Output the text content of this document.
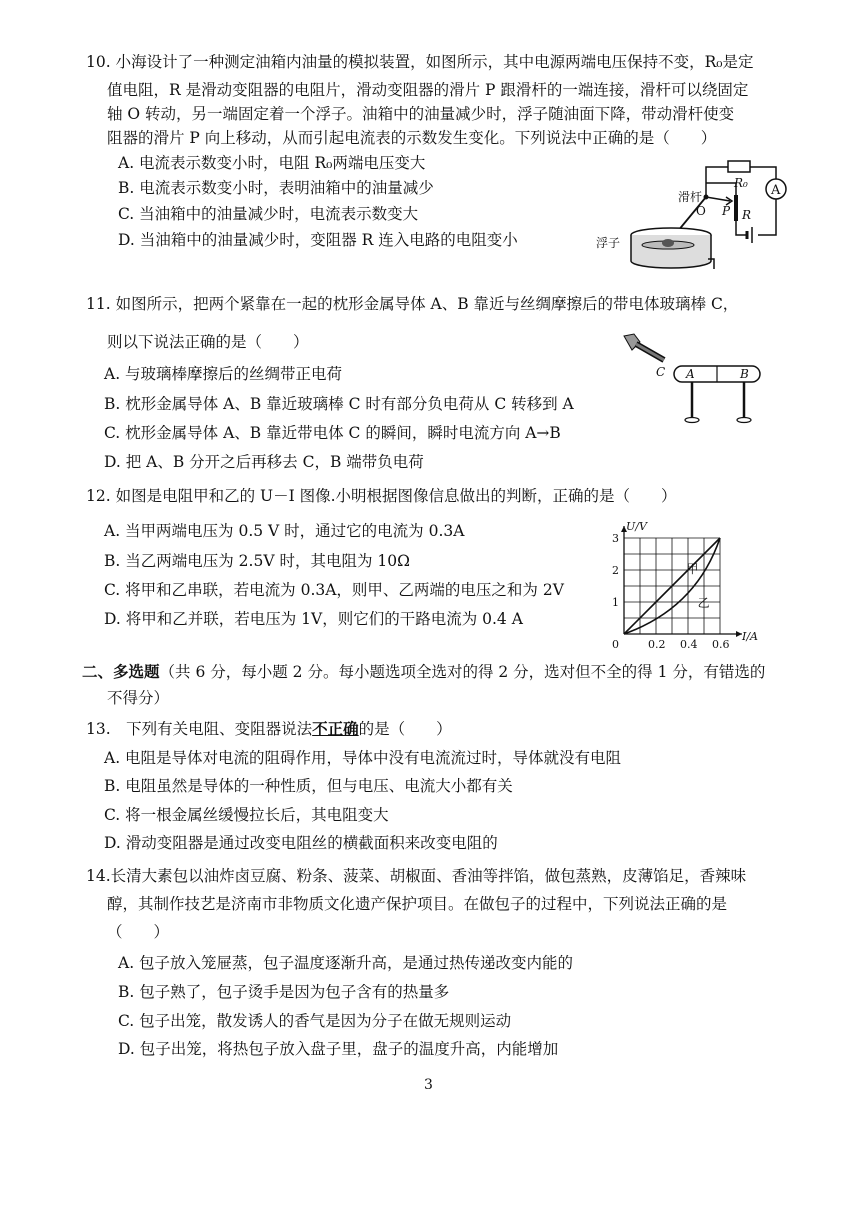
10. 小海设计了一种测定油箱内油量的模拟装置，如图所示，其中电源两端电压保持不变，R₀是定
值电阻，R 是滑动变阻器的电阻片，滑动变阻器的滑片 P 跟滑杆的一端连接，滑杆可以绕固定
轴 O 转动，另一端固定着一个浮子。油箱中的油量减少时，浮子随油面下降，带动滑杆使变
阻器的滑片 P 向上移动，从而引起电流表的示数发生变化。下列说法中正确的是（　　）
A. 电流表示数变小时，电阻 R₀两端电压变大
B. 电流表示数变小时，表明油箱中的油量减少
C. 当油箱中的油量减少时，电流表示数变大
D. 当油箱中的油量减少时，变阻器 R 连入电路的电阻变小
A
R₀
滑杆
O P R
浮子
11. 如图所示，把两个紧靠在一起的枕形金属导体 A、B 靠近与丝绸摩擦后的带电体玻璃棒 C，
则以下说法正确的是（　　）
A. 与玻璃棒摩擦后的丝绸带正电荷
B. 枕形金属导体 A、B 靠近玻璃棒 C 时有部分负电荷从 C 转移到 A
C. 枕形金属导体 A、B 靠近带电体 C 的瞬间，瞬时电流方向 A→B
D. 把 A、B 分开之后再移去 C，B 端带负电荷
C A	B
12. 如图是电阻甲和乙的 U－I 图像.小明根据图像信息做出的判断，正确的是（　　）
A. 当甲两端电压为 0.5 V 时，通过它的电流为 0.3A
B. 当乙两端电压为 2.5V 时，其电阻为 10Ω
C. 将甲和乙串联，若电流为 0.3A，则甲、乙两端的电压之和为 2V
D. 将甲和乙并联，若电压为 1V，则它们的干路电流为 0.4 A
0	0.2 0.4 0.6
1
2
3
I/A
U/V
甲
乙
二、多选题（共 6 分，每小题 2 分。每小题选项全选对的得 2 分，选对但不全的得 1 分，有错选的
不得分）
13.　下列有关电阻、变阻器说法不正确的是（　　）
A. 电阻是导体对电流的阻碍作用，导体中没有电流流过时，导体就没有电阻
B. 电阻虽然是导体的一种性质，但与电压、电流大小都有关
C. 将一根金属丝缓慢拉长后，其电阻变大
D. 滑动变阻器是通过改变电阻丝的横截面积来改变电阻的
14.长清大素包以油炸卤豆腐、粉条、菠菜、胡椒面、香油等拌馅，做包蒸熟，皮薄馅足，香辣味
醇，其制作技艺是济南市非物质文化遗产保护项目。在做包子的过程中，下列说法正确的是
（　　）
A. 包子放入笼屉蒸，包子温度逐渐升高，是通过热传递改变内能的
B. 包子熟了，包子烫手是因为包子含有的热量多
C. 包子出笼，散发诱人的香气是因为分子在做无规则运动
D. 包子出笼，将热包子放入盘子里，盘子的温度升高，内能增加
3
